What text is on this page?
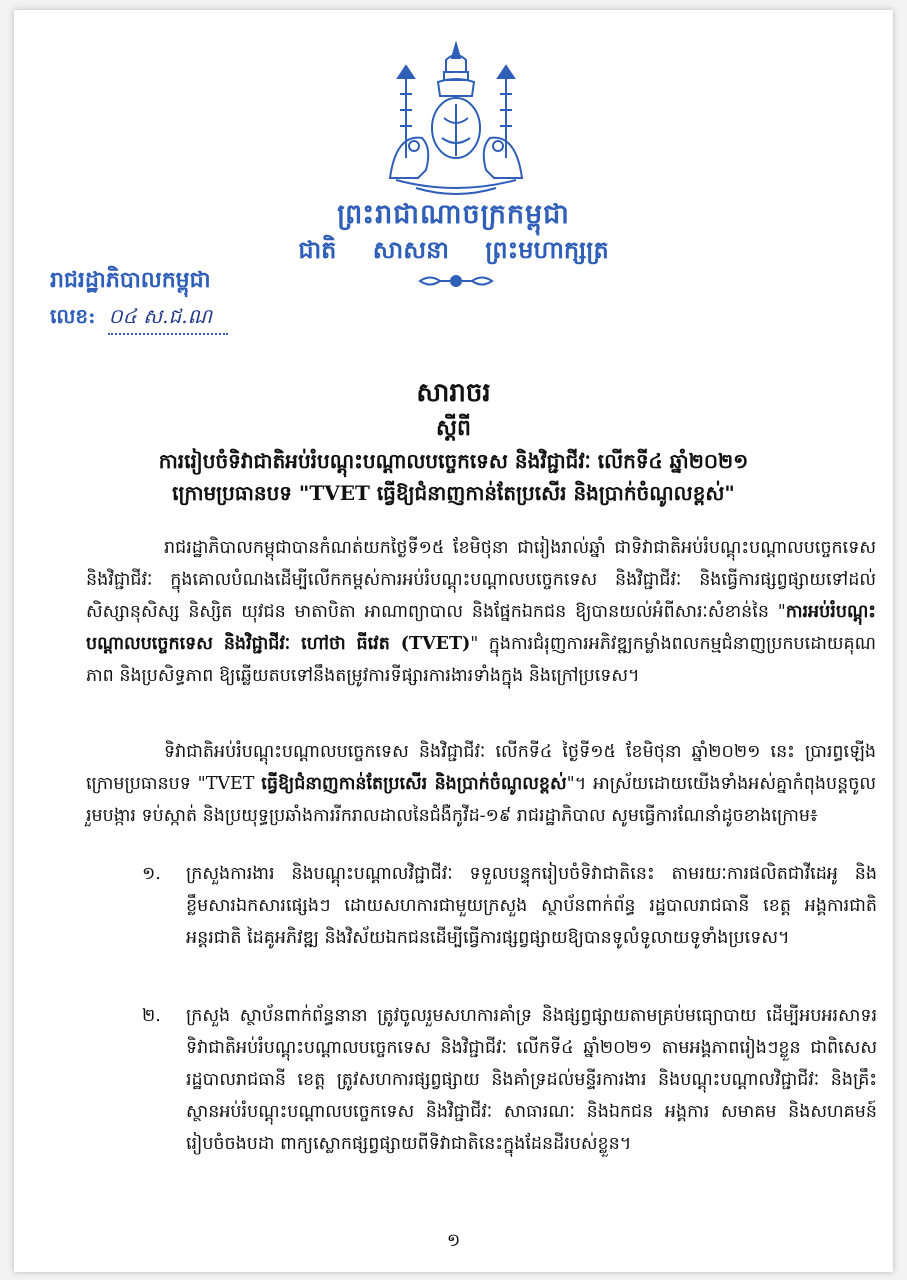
ព្រះរាជាណាចក្រកម្ពុជា
ជាតិ សាសនា ព្រះមហាក្សត្រ
រាជរដ្ឋាភិបាលកម្ពុជា
លេខ: ០៤ ស.ជ.ណ
សារាចរ
ស្តីពី
ការរៀបចំទិវាជាតិអប់រំបណ្តុះបណ្តាលបច្ចេកទេស និងវិជ្ជាជីវៈ លើកទី៤ ឆ្នាំ២០២១
ក្រោមប្រធានបទ "TVET ធ្វើឱ្យជំនាញកាន់តែប្រសើរ និងប្រាក់ចំណូលខ្ពស់"
រាជរដ្ឋាភិបាលកម្ពុជាបានកំណត់យកថ្ងៃទី១៥ ខែមិថុនា ជារៀងរាល់ឆ្នាំ ជាទិវាជាតិអប់រំបណ្តុះបណ្តាលបច្ចេកទេស និងវិជ្ជាជីវៈ ក្នុងគោលបំណងដើម្បីលើកកម្ពស់ការអប់រំបណ្តុះបណ្តាលបច្ចេកទេស និងវិជ្ជាជីវៈ និងធ្វើការផ្សព្វផ្សាយទៅដល់សិស្សានុសិស្ស និស្សិត យុវជន មាតាបិតា អាណាព្យាបាល និងផ្នែកឯកជន ឱ្យបានយល់អំពីសារៈសំខាន់នៃ "ការអប់រំបណ្តុះបណ្តាលបច្ចេកទេស និងវិជ្ជាជីវៈ ហៅថា ធីវេត (TVET)" ក្នុងការជំរុញការអភិវឌ្ឍកម្លាំងពលកម្មជំនាញប្រកបដោយគុណភាព និងប្រសិទ្ធភាព ឱ្យឆ្លើយតបទៅនឹងតម្រូវការទីផ្សារការងារទាំងក្នុង និងក្រៅប្រទេស។
ទិវាជាតិអប់រំបណ្តុះបណ្តាលបច្ចេកទេស និងវិជ្ជាជីវៈ លើកទី៤ ថ្ងៃទី១៥ ខែមិថុនា ឆ្នាំ២០២១ នេះ ប្រារព្ធឡើងក្រោមប្រធានបទ "TVET ធ្វើឱ្យជំនាញកាន់តែប្រសើរ និងប្រាក់ចំណូលខ្ពស់"។ អាស្រ័យដោយយើងទាំងអស់គ្នាកំពុងបន្តចូលរួមបង្ការ ទប់ស្កាត់ និងប្រយុទ្ធប្រឆាំងការរីករាលដាលនៃជំងឺកូវីដ-១៩ រាជរដ្ឋាភិបាល សូមធ្វើការណែនាំដូចខាងក្រោម៖
១.	ក្រសួងការងារ និងបណ្តុះបណ្តាលវិជ្ជាជីវៈ ទទួលបន្ទុករៀបចំទិវាជាតិនេះ តាមរយៈការផលិតជាវីដេអូ និងខ្លឹមសារឯកសារផ្សេងៗ ដោយសហការជាមួយក្រសួង ស្ថាប័នពាក់ព័ន្ធ រដ្ឋបាលរាជធានី ខេត្ត អង្គការជាតិ អន្តរជាតិ ដៃគូអភិវឌ្ឍ និងវិស័យឯកជនដើម្បីធ្វើការផ្សព្វផ្សាយឱ្យបានទូលំទូលាយទូទាំងប្រទេស។
២.	ក្រសួង ស្ថាប័នពាក់ព័ន្ធនានា ត្រូវចូលរួមសហការគាំទ្រ និងផ្សព្វផ្សាយតាមគ្រប់មធ្យោបាយ ដើម្បីអបអរសាទរទិវាជាតិអប់រំបណ្តុះបណ្តាលបច្ចេកទេស និងវិជ្ជាជីវៈ លើកទី៤ ឆ្នាំ២០២១ តាមអង្គភាពរៀងៗខ្លួន ជាពិសេស រដ្ឋបាលរាជធានី ខេត្ត ត្រូវសហការផ្សព្វផ្សាយ និងគាំទ្រដល់មន្ទីរការងារ និងបណ្តុះបណ្តាលវិជ្ជាជីវៈ និងគ្រឹះស្ថានអប់រំបណ្តុះបណ្តាលបច្ចេកទេស និងវិជ្ជាជីវៈ សាធារណៈ និងឯកជន អង្គការ សមាគម និងសហគមន៍ រៀបចំចងបដា ពាក្យស្លោកផ្សព្វផ្សាយពីទិវាជាតិនេះក្នុងដែនដីរបស់ខ្លួន។
១
